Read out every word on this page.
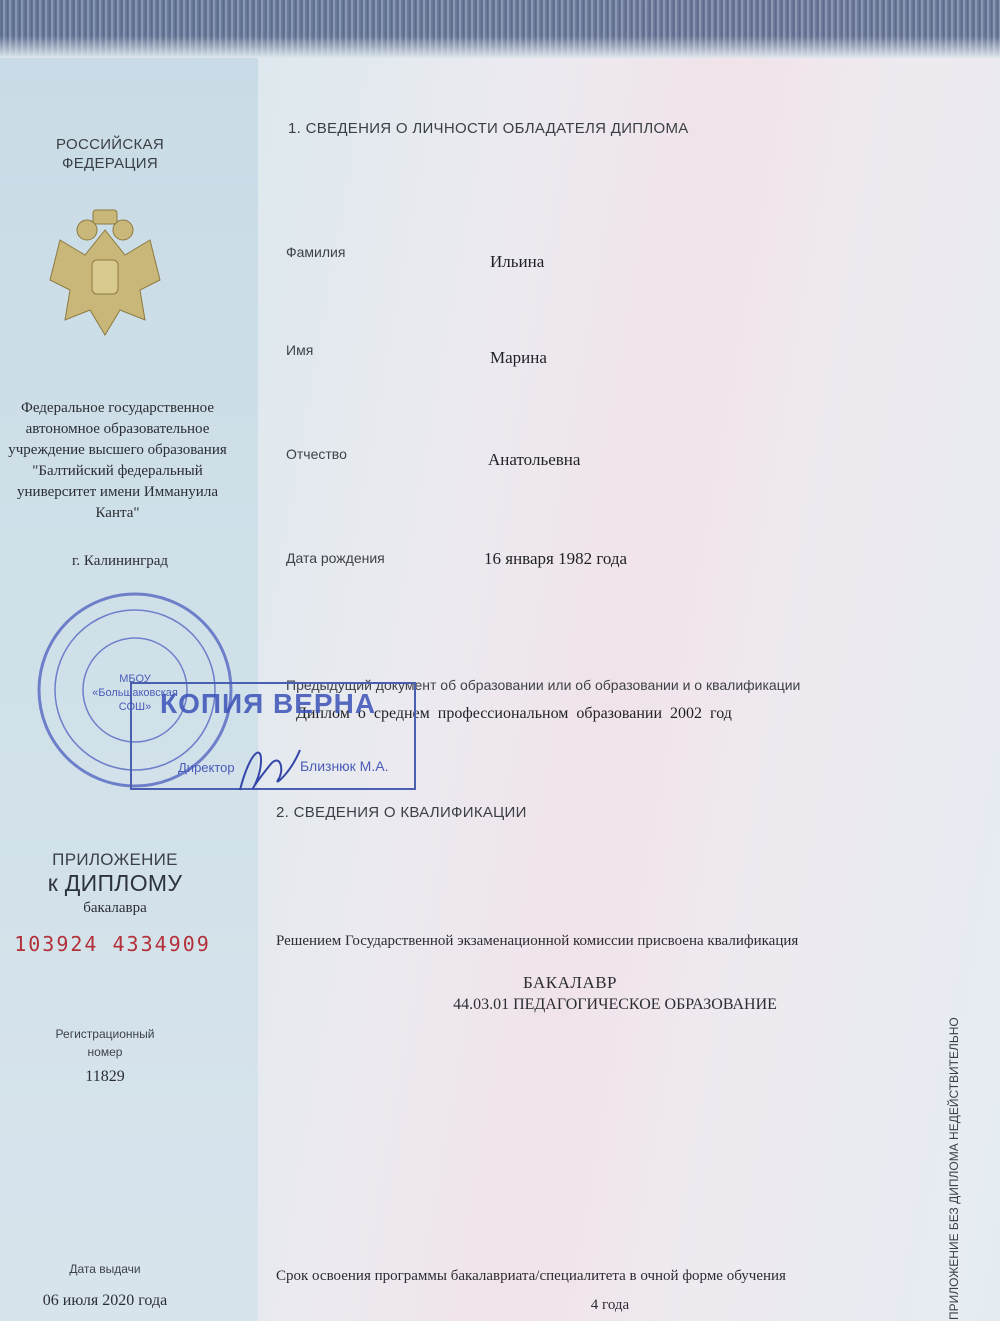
РОССИЙСКАЯ
ФЕДЕРАЦИЯ
Федеральное государственное
автономное образовательное
учреждение высшего образования
"Балтийский федеральный
университет имени Иммануила
Канта"
г. Калининград
ПРИЛОЖЕНИЕ
к ДИПЛОМУ
бакалавра
103924 4334909
Регистрационный
номер
11829
Дата выдачи
06 июля 2020 года
1. СВЕДЕНИЯ О ЛИЧНОСТИ ОБЛАДАТЕЛЯ ДИПЛОМА
Фамилия	Ильина
Имя	Марина
Отчество	Анатольевна
Дата рождения	16 января 1982 года
Предыдущий документ об образовании или об образовании и о квалификации
Диплом о среднем профессиональном образовании 2002 год
МБОУ «Большаковская СОШ» КОПИЯ ВЕРНА
Директор	Близнюк М.А.
2. СВЕДЕНИЯ О КВАЛИФИКАЦИИ
Решением Государственной экзаменационной комиссии присвоена квалификация
БАКАЛАВР
44.03.01 ПЕДАГОГИЧЕСКОЕ ОБРАЗОВАНИЕ
Срок освоения программы бакалавриата/специалитета в очной форме обучения
4 года	ПРИЛОЖЕНИЕ БЕЗ ДИПЛОМА НЕДЕЙСТВИТЕЛЬНО
